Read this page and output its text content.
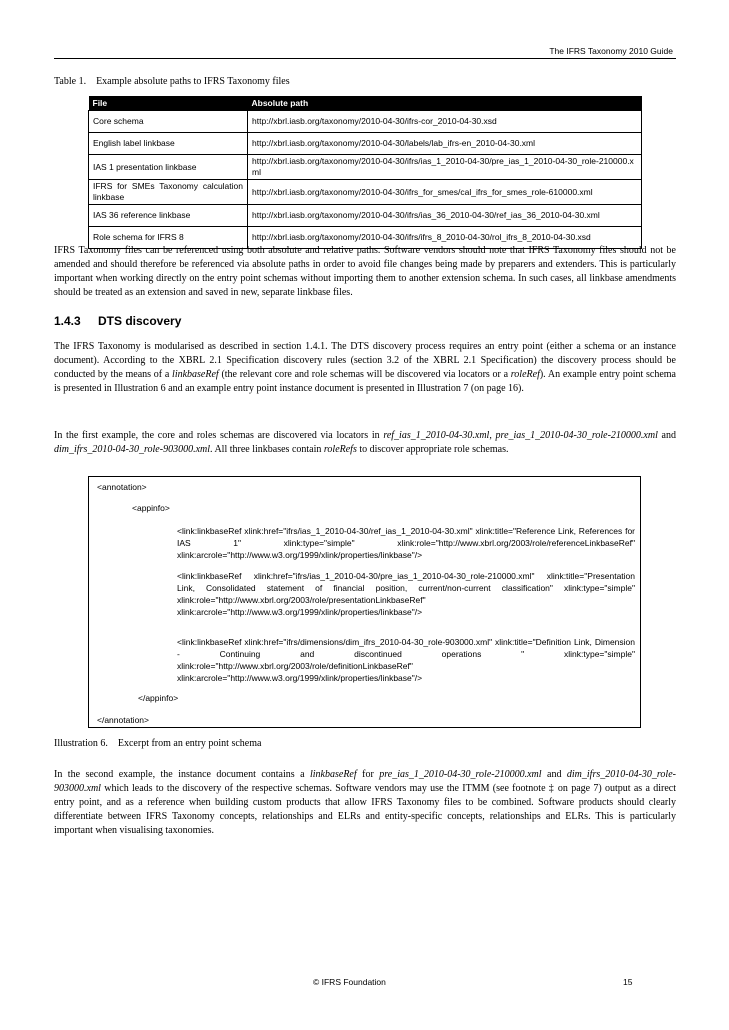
The IFRS Taxonomy 2010 Guide
Table 1.    Example absolute paths to IFRS Taxonomy files
File	Absolute path
Core schema	http://xbrl.iasb.org/taxonomy/2010-04-30/ifrs-cor_2010-04-30.xsd
English label linkbase	http://xbrl.iasb.org/taxonomy/2010-04-30/labels/lab_ifrs-en_2010-04-30.xml
IAS 1 presentation linkbase	http://xbrl.iasb.org/taxonomy/2010-04-30/ifrs/ias_1_2010-04-30/pre_ias_1_2010-04-30_role-210000.xml
IFRS for SMEs Taxonomy calculation linkbase	http://xbrl.iasb.org/taxonomy/2010-04-30/ifrs_for_smes/cal_ifrs_for_smes_role-610000.xml
IAS 36 reference linkbase	http://xbrl.iasb.org/taxonomy/2010-04-30/ifrs/ias_36_2010-04-30/ref_ias_36_2010-04-30.xml
Role schema for IFRS 8	http://xbrl.iasb.org/taxonomy/2010-04-30/ifrs/ifrs_8_2010-04-30/rol_ifrs_8_2010-04-30.xsd
IFRS Taxonomy files can be referenced using both absolute and relative paths. Software vendors should note that IFRS Taxonomy files should not be amended and should therefore be referenced via absolute paths in order to avoid file changes being made by preparers and extenders. This is particularly important when working directly on the entry point schemas without importing them to another extension schema. In such cases, all linkbase amendments should be treated as an extension and saved in new, separate linkbase files.
1.4.3 DTS discovery
The IFRS Taxonomy is modularised as described in section 1.4.1. The DTS discovery process requires an entry point (either a schema or an instance document). According to the XBRL 2.1 Specification discovery rules (section 3.2 of the XBRL 2.1 Specification) the discovery process should be conducted by the means of a linkbaseRef (the relevant core and role schemas will be discovered via locators or a roleRef). An example entry point schema is presented in Illustration 6 and an example entry point instance document is presented in Illustration 7 (on page 16).
In the first example, the core and roles schemas are discovered via locators in ref_ias_1_2010-04-30.xml, pre_ias_1_2010-04-30_role-210000.xml and dim_ifrs_2010-04-30_role-903000.xml. All three linkbases contain roleRefs to discover appropriate role schemas.
<annotation>
<appinfo>
<link:linkbaseRef xlink:href="ifrs/ias_1_2010-04-30/ref_ias_1_2010-04-30.xml" xlink:title="Reference Link, References for IAS 1" xlink:type="simple" xlink:role="http://www.xbrl.org/2003/role/referenceLinkbaseRef" xlink:arcrole="http://www.w3.org/1999/xlink/properties/linkbase"/>
<link:linkbaseRef xlink:href="ifrs/ias_1_2010-04-30/pre_ias_1_2010-04-30_role-210000.xml" xlink:title="Presentation Link, Consolidated statement of financial position, current/non-current classification" xlink:type="simple" xlink:role="http://www.xbrl.org/2003/role/presentationLinkbaseRef" xlink:arcrole="http://www.w3.org/1999/xlink/properties/linkbase"/>
<link:linkbaseRef xlink:href="ifrs/dimensions/dim_ifrs_2010-04-30_role-903000.xml" xlink:title="Definition Link, Dimension - Continuing and discontinued operations " xlink:type="simple" xlink:role="http://www.xbrl.org/2003/role/definitionLinkbaseRef" xlink:arcrole="http://www.w3.org/1999/xlink/properties/linkbase"/>
</appinfo>
</annotation>
Illustration 6.    Excerpt from an entry point schema
In the second example, the instance document contains a linkbaseRef for pre_ias_1_2010-04-30_role-210000.xml and dim_ifrs_2010-04-30_role-903000.xml which leads to the discovery of the respective schemas. Software vendors may use the ITMM (see footnote ‡ on page 7) output as a direct entry point, and as a reference when building custom products that allow IFRS Taxonomy files to be combined. Software products should clearly differentiate between IFRS Taxonomy concepts, relationships and ELRs and entity-specific concepts, relationships and ELRs. This is particularly important when visualising taxonomies.
© IFRS Foundation	15
